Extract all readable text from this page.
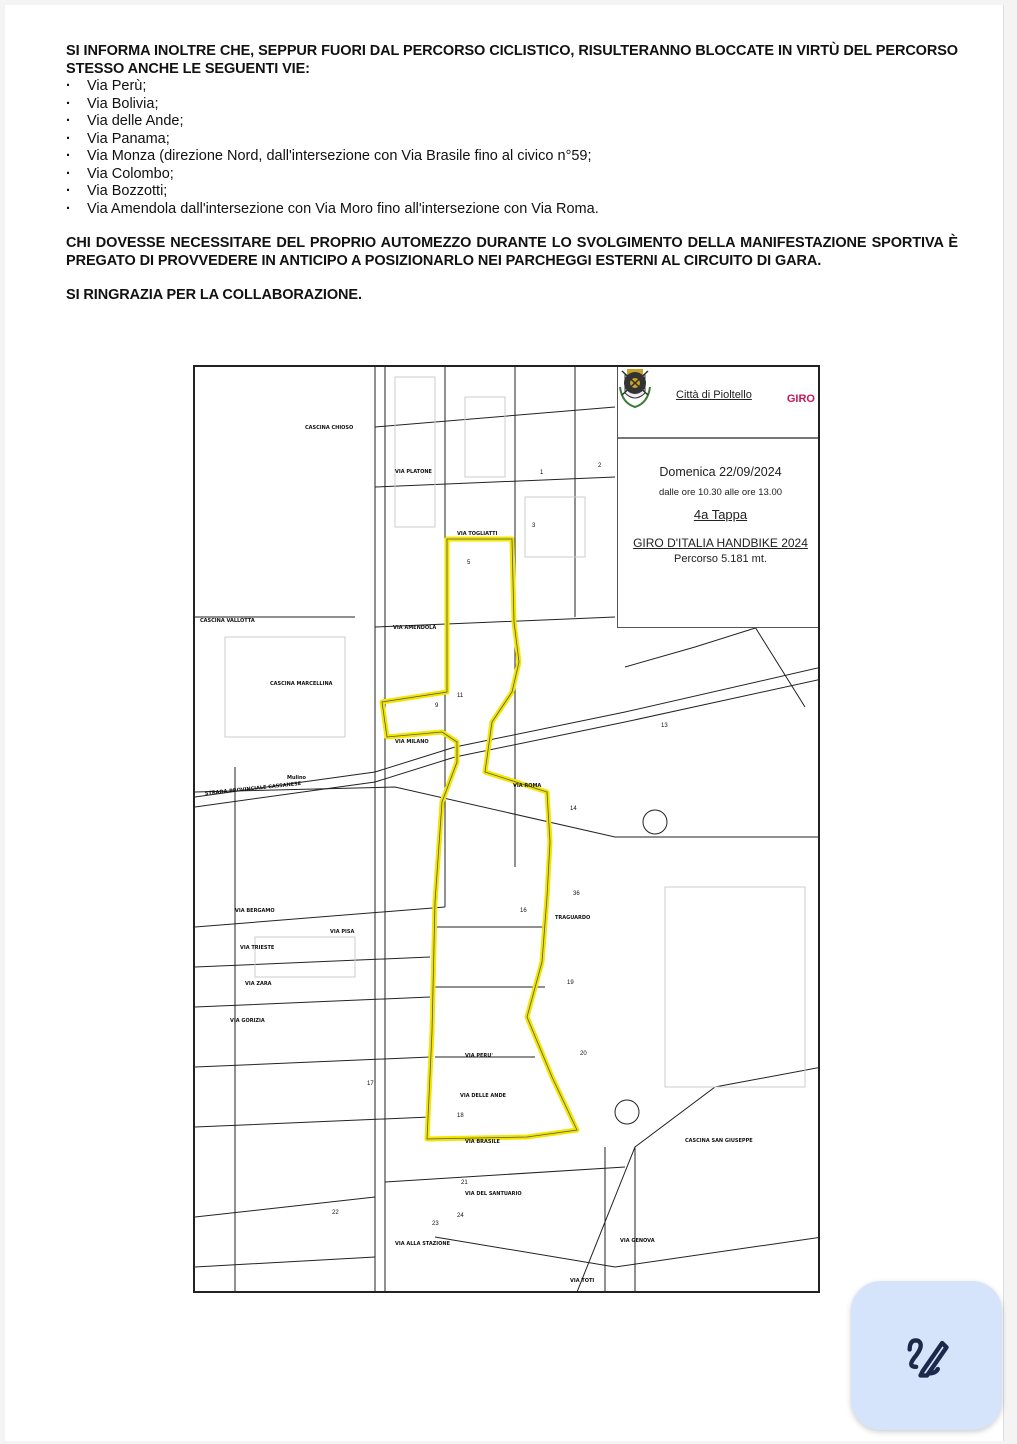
SI INFORMA INOLTRE CHE, SEPPUR FUORI DAL PERCORSO CICLISTICO, RISULTERANNO BLOCCATE IN VIRTÙ DEL PERCORSO STESSO ANCHE LE SEGUENTI VIE:
· Via Perù;
· Via Bolivia;
· Via delle Ande;
· Via Panama;
· Via Monza (direzione Nord, dall'intersezione con Via Brasile fino al civico n°59;
· Via Colombo;
· Via Bozzotti;
· Via Amendola dall'intersezione con Via Moro fino all'intersezione con Via Roma.
CHI DOVESSE NECESSITARE DEL PROPRIO AUTOMEZZO DURANTE LO SVOLGIMENTO DELLA MANIFESTAZIONE SPORTIVA È PREGATO DI PROVVEDERE IN ANTICIPO A POSIZIONARLO NEI PARCHEGGI ESTERNI AL CIRCUITO DI GARA.
SI RINGRAZIA PER LA COLLABORAZIONE.
CASCINA CHIOSO
CASCINA VALLOTTA
CASCINA MARCELLINA
STRADA PROVINCIALE CASSANESE
CASCINA SAN GIUSEPPE
Mulino
TRAGUARDO
VIA BRASILE
VIA ROMA
VIA MILANO
VIA AMENDOLA
VIA TOGLIATTI
VIA BERGAMO
VIA TRIESTE
VIA ZARA
VIA GORIZIA
VIA PISA
VIA PERU'
VIA DELLE ANDE
VIA GENOVA
VIA TOTI
VIA ALLA STAZIONE
VIA DEL SANTUARIO
VIA PLATONE	1
2
3
5
9
11
13
14
16
17
18
19
20
21
22
23
24
36
Città di Pioltello	GIRO
Domenica 22/09/2024
dalle ore 10.30 alle ore 13.00
4a Tappa
GIRO D'ITALIA HANDBIKE 2024
Percorso 5.181 mt.
